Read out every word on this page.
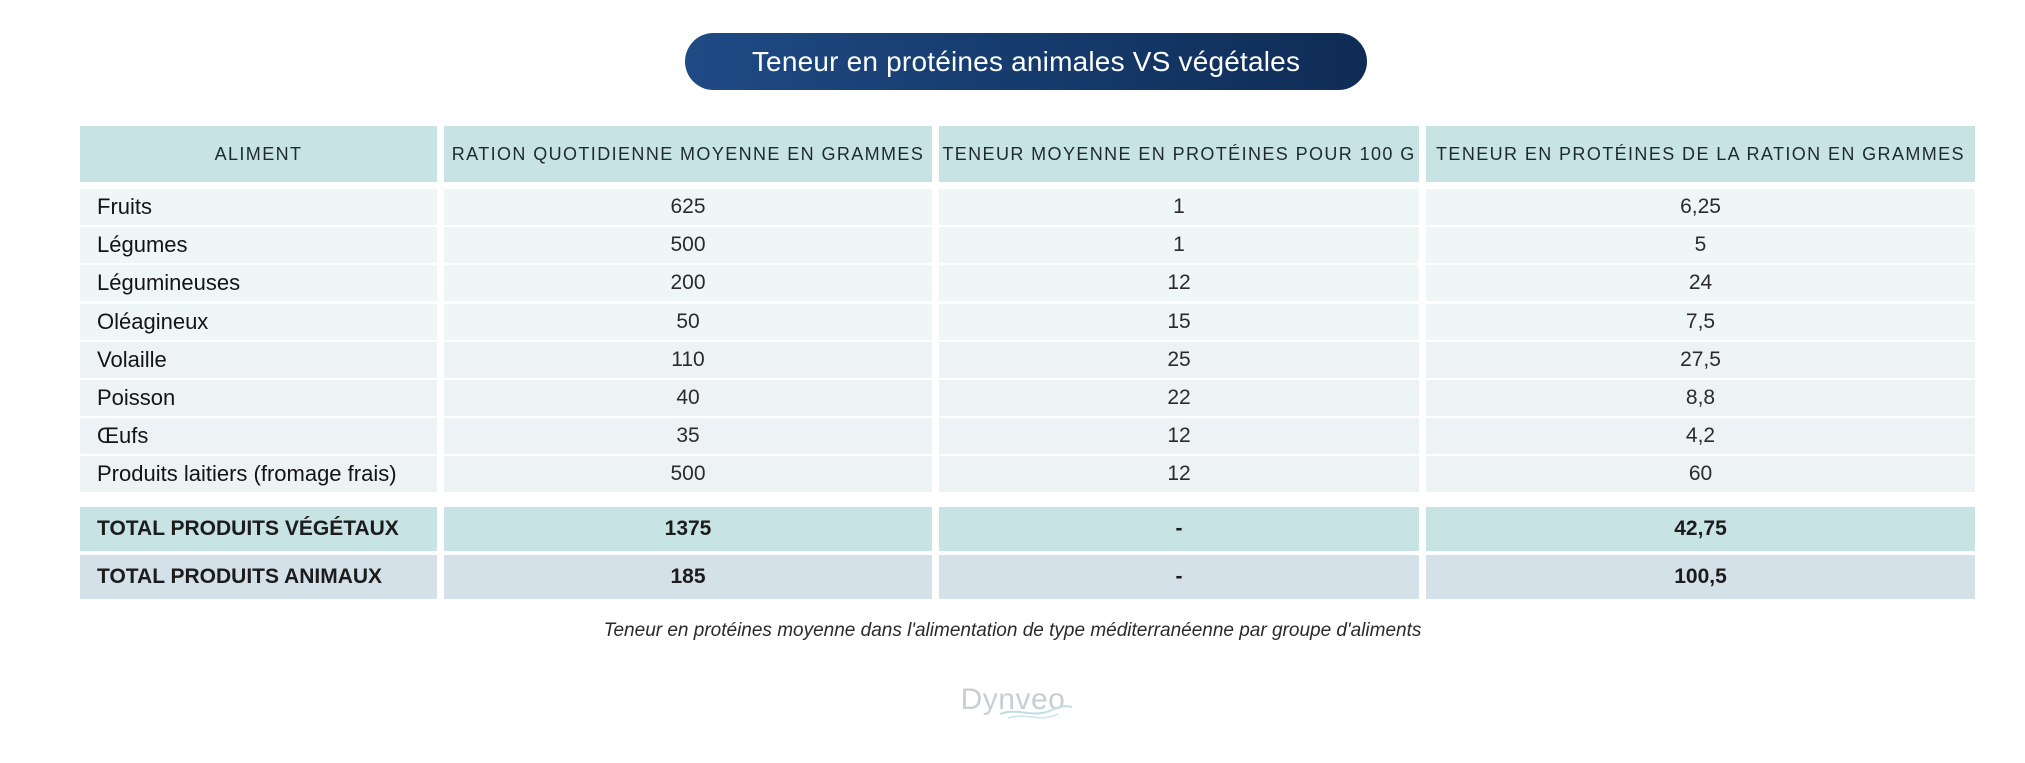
Teneur en protéines animales VS végétales
ALIMENT	RATION QUOTIDIENNE MOYENNE EN GRAMMES	TENEUR MOYENNE EN PROTÉINES POUR 100 G	TENEUR EN PROTÉINES DE LA RATION EN GRAMMES
Fruits	625	1	6,25
Légumes	500	1	5
Légumineuses	200	12	24
Oléagineux	50	15	7,5
Volaille	110	25	27,5
Poisson	40	22	8,8
Œufs	35	12	4,2
Produits laitiers (fromage frais)	500	12	60
TOTAL PRODUITS VÉGÉTAUX	1375	-	42,75
TOTAL PRODUITS ANIMAUX	185	-	100,5
Teneur en protéines moyenne dans l'alimentation de type méditerranéenne par groupe d'aliments
Dynveo
